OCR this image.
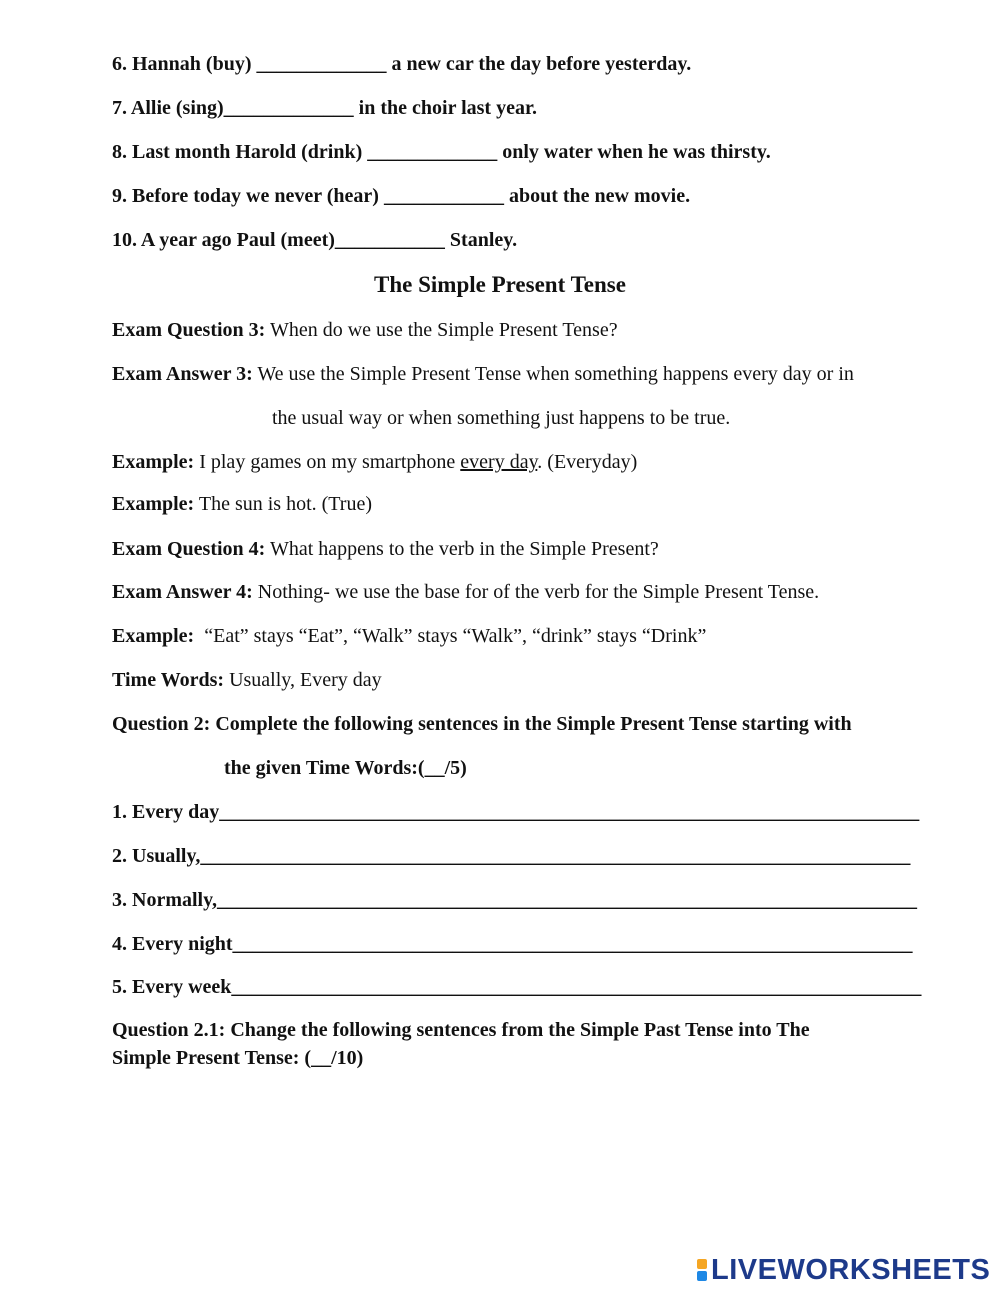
6. Hannah (buy) _____________ a new car the day before yesterday.
7. Allie (sing)_____________ in the choir last year.
8. Last month Harold (drink) _____________ only water when he was thirsty.
9. Before today we never (hear) ____________ about the new movie.
10. A year ago Paul (meet)___________ Stanley.
The Simple Present Tense
Exam Question 3: When do we use the Simple Present Tense?
Exam Answer 3: We use the Simple Present Tense when something happens every day or in
the usual way or when something just happens to be true.
Example: I play games on my smartphone every day. (Everyday)
Example: The sun is hot. (True)
Exam Question 4: What happens to the verb in the Simple Present?
Exam Answer 4: Nothing- we use the base for of the verb for the Simple Present Tense.
Example:  “Eat” stays “Eat”, “Walk” stays “Walk”, “drink” stays “Drink”
Time Words: Usually, Every day
Question 2: Complete the following sentences in the Simple Present Tense starting with
the given Time Words:(__/5)
1. Every day______________________________________________________________________
2. Usually,_______________________________________________________________________
3. Normally,______________________________________________________________________
4. Every night____________________________________________________________________
5. Every week_____________________________________________________________________
Question 2.1: Change the following sentences from the Simple Past Tense into The
Simple Present Tense: (__/10)
LIVEWORKSHEETS
